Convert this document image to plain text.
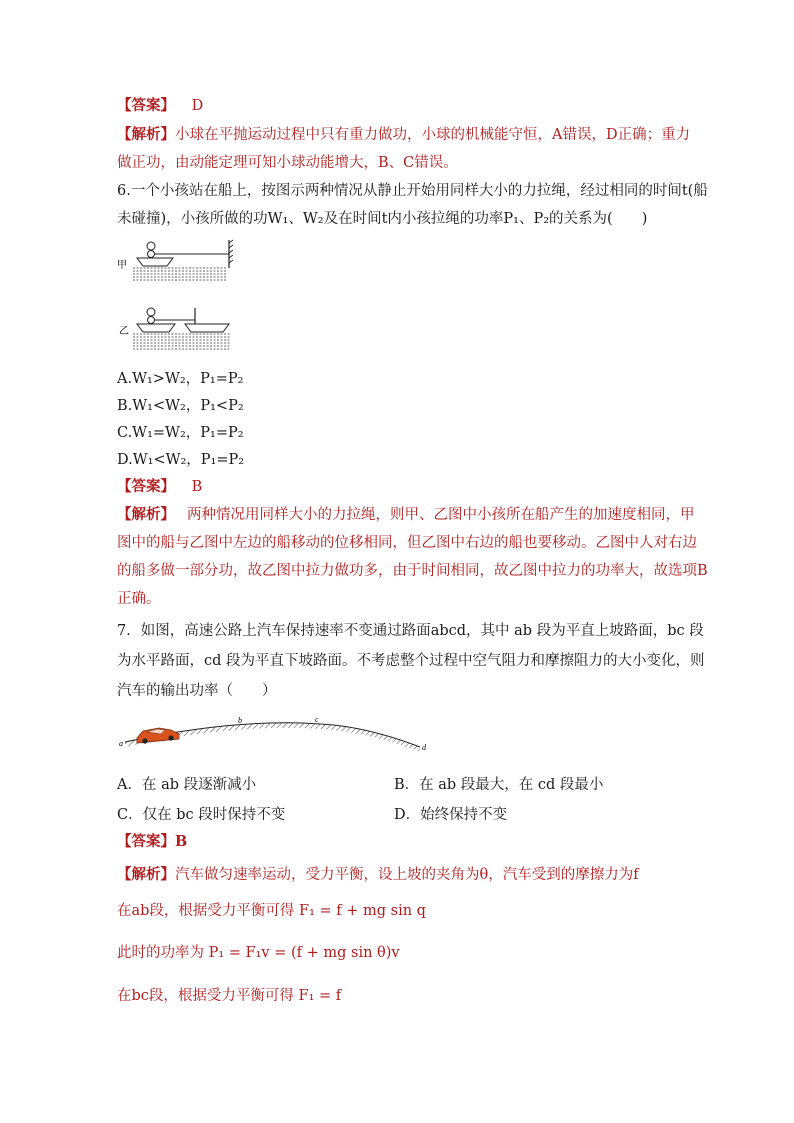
【答案】 D
【解析】小球在平抛运动过程中只有重力做功，小球的机械能守恒，A错误，D正确；重力
做正功，由动能定理可知小球动能增大，B、C错误。
6.一个小孩站在船上，按图示两种情况从静止开始用同样大小的力拉绳，经过相同的时间t(船
未碰撞)，小孩所做的功W₁、W₂及在时间t内小孩拉绳的功率P₁、P₂的关系为(　　)
甲
乙
A.W₁>W₂，P₁=P₂
B.W₁<W₂，P₁<P₂
C.W₁=W₂，P₁=P₂
D.W₁<W₂，P₁=P₂
【答案】 B
【解析】 两种情况用同样大小的力拉绳，则甲、乙图中小孩所在船产生的加速度相同，甲
图中的船与乙图中左边的船移动的位移相同，但乙图中右边的船也要移动。乙图中人对右边
的船多做一部分功，故乙图中拉力做功多，由于时间相同，故乙图中拉力的功率大，故选项B
正确。
7．如图，高速公路上汽车保持速率不变通过路面abcd，其中 ab 段为平直上坡路面，bc 段
为水平路面，cd 段为平直下坡路面。不考虑整个过程中空气阻力和摩擦阻力的大小变化，则
汽车的输出功率（　　）
a
b	c
d
A．在 ab 段逐渐减小	B．在 ab 段最大，在 cd 段最小
C．仅在 bc 段时保持不变	D．始终保持不变
【答案】B
【解析】汽车做匀速率运动，受力平衡，设上坡的夹角为θ，汽车受到的摩擦力为f
在ab段，根据受力平衡可得 F₁ = f + mg sin q
此时的功率为 P₁ = F₁v = (f + mg sin θ)v
在bc段，根据受力平衡可得 F₁ = f
